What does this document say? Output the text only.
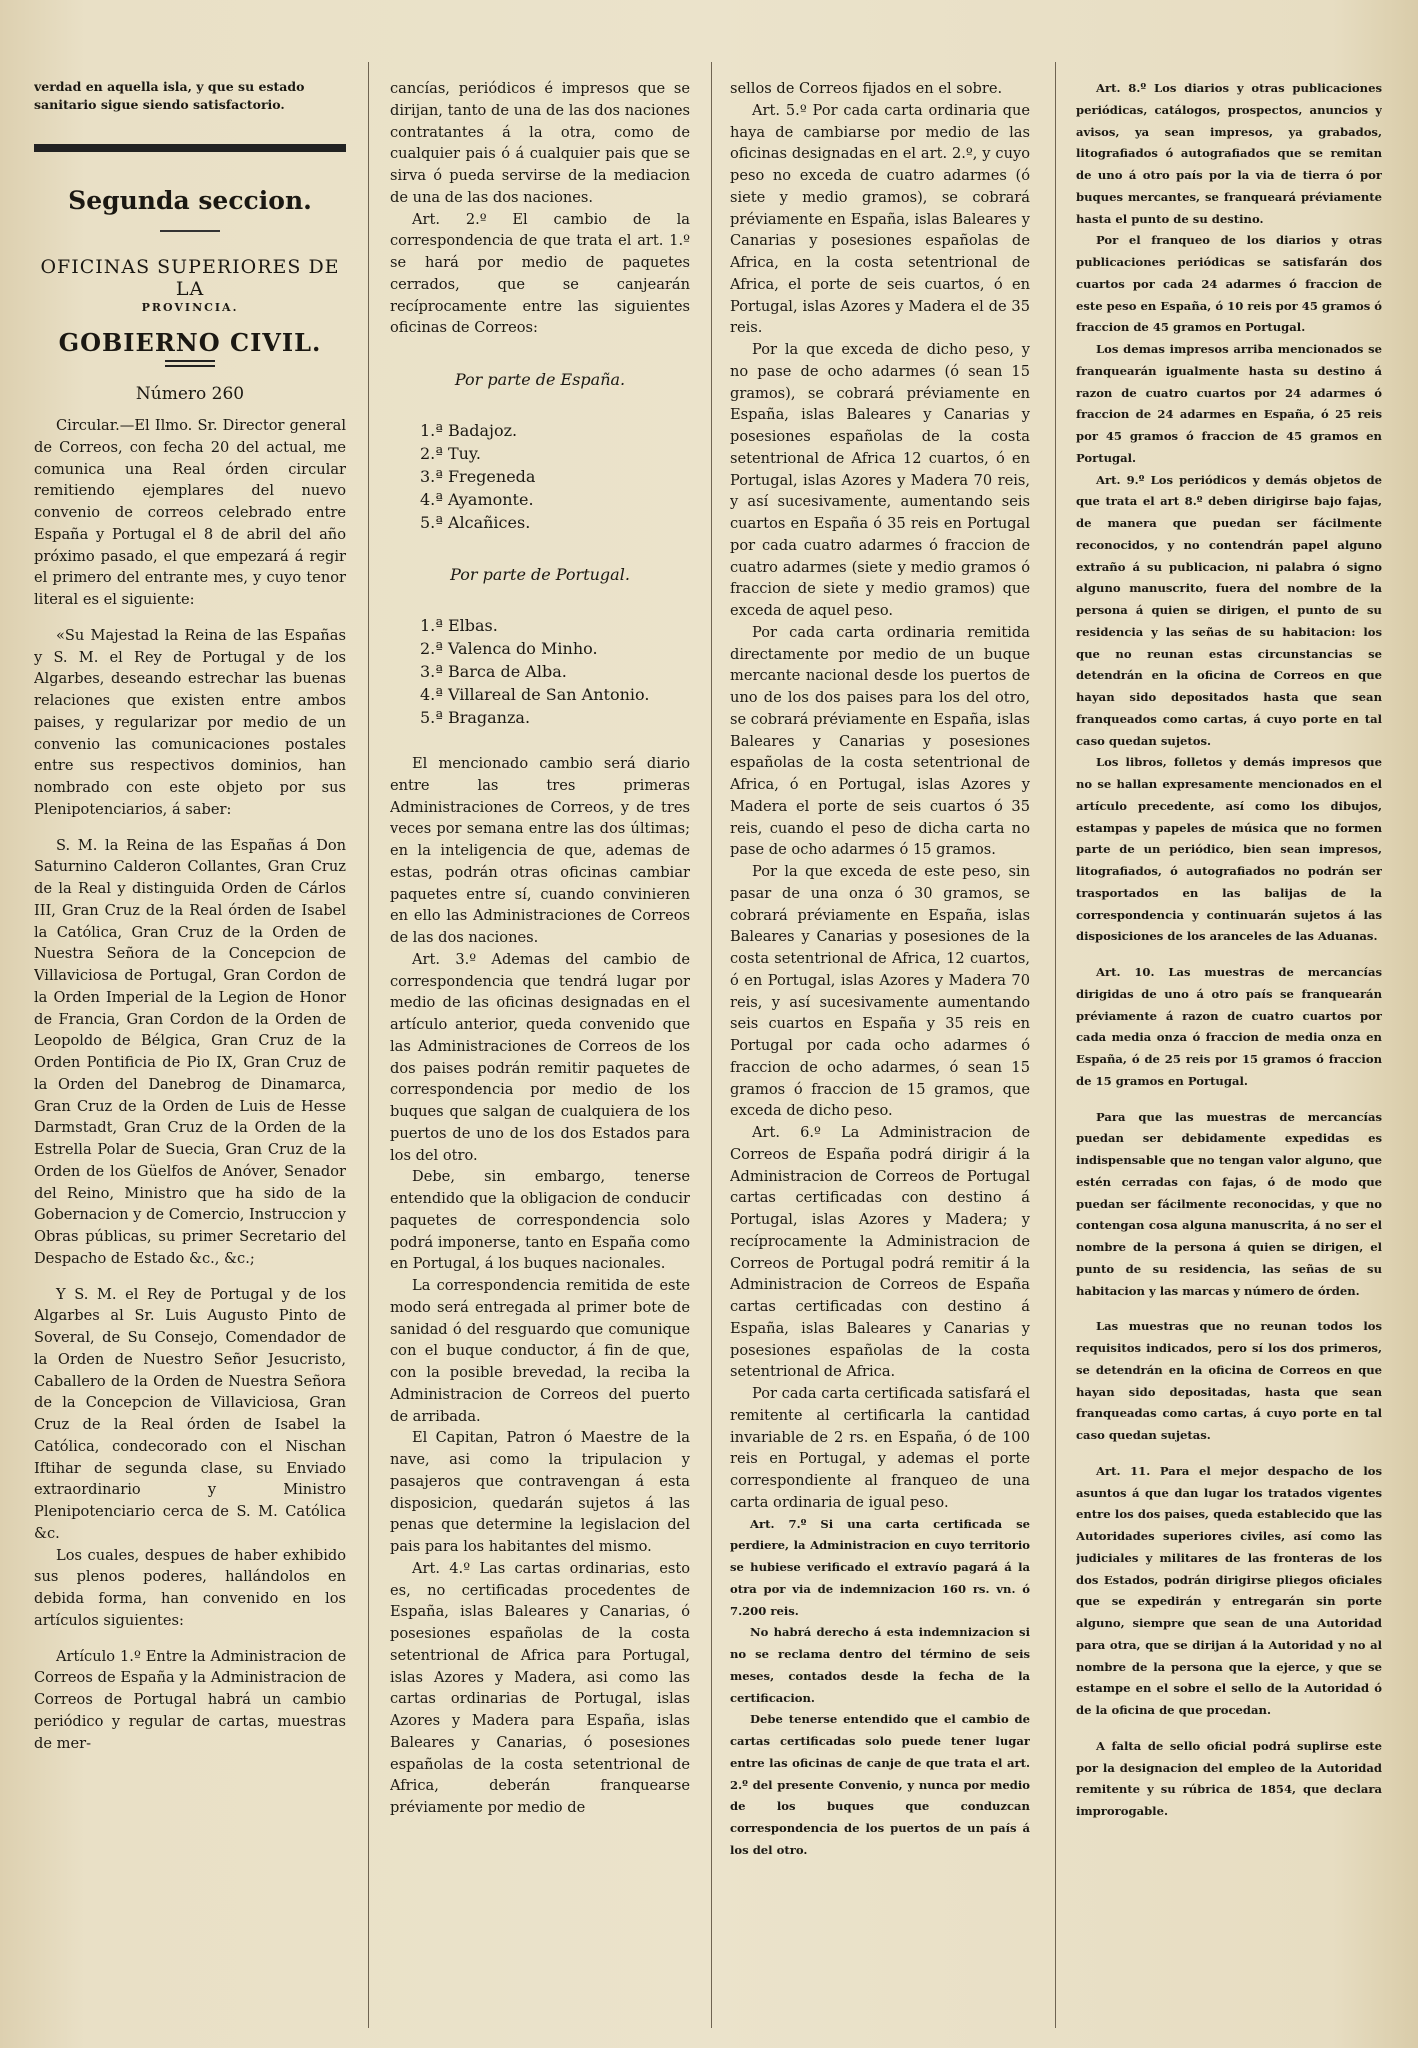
verdad en aquella isla, y que su estado sanitario sigue siendo satisfactorio.

Segunda seccion.
OFICINAS SUPERIORES DE LA
PROVINCIA.
GOBIERNO CIVIL.
Número 260

Circular.—El Ilmo. Sr. Director general de Correos, con fecha 20 del actual, me comunica una Real órden circular remitiendo ejemplares del nuevo convenio de correos celebrado entre España y Portugal el 8 de abril del año próximo pasado, el que empezará á regir el primero del entrante mes, y cuyo tenor literal es el siguiente:

«Su Majestad la Reina de las Españas y S. M. el Rey de Portugal y de los Algarbes, deseando estrechar las buenas relaciones que existen entre ambos paises, y regularizar por medio de un convenio las comunicaciones postales entre sus respectivos dominios, han nombrado con este objeto por sus Plenipotenciarios, á saber:

S. M. la Reina de las Españas á Don Saturnino Calderon Collantes, Gran Cruz de la Real y distinguida Orden de Cárlos III, Gran Cruz de la Real órden de Isabel la Católica, Gran Cruz de la Orden de Nuestra Señora de la Concepcion de Villaviciosa de Portugal, Gran Cordon de la Orden Imperial de la Legion de Honor de Francia, Gran Cordon de la Orden de Leopoldo de Bélgica, Gran Cruz de la Orden Pontificia de Pio IX, Gran Cruz de la Orden del Danebrog de Dinamarca, Gran Cruz de la Orden de Luis de Hesse Darmstadt, Gran Cruz de la Orden de la Estrella Polar de Suecia, Gran Cruz de la Orden de los Güelfos de Anóver, Senador del Reino, Ministro que ha sido de la Gobernacion y de Comercio, Instruccion y Obras públicas, su primer Secretario del Despacho de Estado &c., &c.;

Y S. M. el Rey de Portugal y de los Algarbes al Sr. Luis Augusto Pinto de Soveral, de Su Consejo, Comendador de la Orden de Nuestro Señor Jesucristo, Caballero de la Orden de Nuestra Señora de la Concepcion de Villaviciosa, Gran Cruz de la Real órden de Isabel la Católica, condecorado con el Nischan Iftihar de segunda clase, su Enviado extraordinario y Ministro Plenipotenciario cerca de S. M. Católica &c.

Los cuales, despues de haber exhibido sus plenos poderes, hallándolos en debida forma, han convenido en los artículos siguientes:

Artículo 1.º Entre la Administracion de Correos de España y la Administracion de Correos de Portugal habrá un cambio periódico y regular de cartas, muestras de mer-

cancías, periódicos é impresos que se dirijan, tanto de una de las dos naciones contratantes á la otra, como de cualquier pais ó á cualquier pais que se sirva ó pueda servirse de la mediacion de una de las dos naciones.

Art. 2.º El cambio de la correspondencia de que trata el art. 1.º se hará por medio de paquetes cerrados, que se canjearán recíprocamente entre las siguientes oficinas de Correos:

Por parte de España.
1.ª Badajoz.
2.ª Tuy.
3.ª Fregeneda
4.ª Ayamonte.
5.ª Alcañices.
Por parte de Portugal.
1.ª Elbas.
2.ª Valenca do Minho.
3.ª Barca de Alba.
4.ª Villareal de San Antonio.
5.ª Braganza.

El mencionado cambio será diario entre las tres primeras Administraciones de Correos, y de tres veces por semana entre las dos últimas; en la inteligencia de que, ademas de estas, podrán otras oficinas cambiar paquetes entre sí, cuando convinieren en ello las Administraciones de Correos de las dos naciones.

Art. 3.º Ademas del cambio de correspondencia que tendrá lugar por medio de las oficinas designadas en el artículo anterior, queda convenido que las Administraciones de Correos de los dos paises podrán remitir paquetes de correspondencia por medio de los buques que salgan de cualquiera de los puertos de uno de los dos Estados para los del otro.

Debe, sin embargo, tenerse entendido que la obligacion de conducir paquetes de correspondencia solo podrá imponerse, tanto en España como en Portugal, á los buques nacionales.

La correspondencia remitida de este modo será entregada al primer bote de sanidad ó del resguardo que comunique con el buque conductor, á fin de que, con la posible brevedad, la reciba la Administracion de Correos del puerto de arribada.

El Capitan, Patron ó Maestre de la nave, asi como la tripulacion y pasajeros que contravengan á esta disposicion, quedarán sujetos á las penas que determine la legislacion del pais para los habitantes del mismo.

Art. 4.º Las cartas ordinarias, esto es, no certificadas procedentes de España, islas Baleares y Canarias, ó posesiones españolas de la costa setentrional de Africa para Portugal, islas Azores y Madera, asi como las cartas ordinarias de Portugal, islas Azores y Madera para España, islas Baleares y Canarias, ó posesiones españolas de la costa setentrional de Africa, deberán franquearse préviamente por medio de

sellos de Correos fijados en el sobre.

Art. 5.º Por cada carta ordinaria que haya de cambiarse por medio de las oficinas designadas en el art. 2.º, y cuyo peso no exceda de cuatro adarmes (ó siete y medio gramos), se cobrará préviamente en España, islas Baleares y Canarias y posesiones españolas de Africa, en la costa setentrional de Africa, el porte de seis cuartos, ó en Portugal, islas Azores y Madera el de 35 reis.

Por la que exceda de dicho peso, y no pase de ocho adarmes (ó sean 15 gramos), se cobrará préviamente en España, islas Baleares y Canarias y posesiones españolas de la costa setentrional de Africa 12 cuartos, ó en Portugal, islas Azores y Madera 70 reis, y así sucesivamente, aumentando seis cuartos en España ó 35 reis en Portugal por cada cuatro adarmes ó fraccion de cuatro adarmes (siete y medio gramos ó fraccion de siete y medio gramos) que exceda de aquel peso.

Por cada carta ordinaria remitida directamente por medio de un buque mercante nacional desde los puertos de uno de los dos paises para los del otro, se cobrará préviamente en España, islas Baleares y Canarias y posesiones españolas de la costa setentrional de Africa, ó en Portugal, islas Azores y Madera el porte de seis cuartos ó 35 reis, cuando el peso de dicha carta no pase de ocho adarmes ó 15 gramos.

Por la que exceda de este peso, sin pasar de una onza ó 30 gramos, se cobrará préviamente en España, islas Baleares y Canarias y posesiones de la costa setentrional de Africa, 12 cuartos, ó en Portugal, islas Azores y Madera 70 reis, y así sucesivamente aumentando seis cuartos en España y 35 reis en Portugal por cada ocho adarmes ó fraccion de ocho adarmes, ó sean 15 gramos ó fraccion de 15 gramos, que exceda de dicho peso.

Art. 6.º La Administracion de Correos de España podrá dirigir á la Administracion de Correos de Portugal cartas certificadas con destino á Portugal, islas Azores y Madera; y recíprocamente la Administracion de Correos de Portugal podrá remitir á la Administracion de Correos de España cartas certificadas con destino á España, islas Baleares y Canarias y posesiones españolas de la costa setentrional de Africa.

Por cada carta certificada satisfará el remitente al certificarla la cantidad invariable de 2 rs. en España, ó de 100 reis en Portugal, y ademas el porte correspondiente al franqueo de una carta ordinaria de igual peso.

Art. 7.º Si una carta certificada se perdiere, la Administracion en cuyo territorio se hubiese verificado el extravío pagará á la otra por via de indemnizacion 160 rs. vn. ó 7.200 reis.

No habrá derecho á esta indemnizacion si no se reclama dentro del término de seis meses, contados desde la fecha de la certificacion.

Debe tenerse entendido que el cambio de cartas certificadas solo puede tener lugar entre las oficinas de canje de que trata el art. 2.º del presente Convenio, y nunca por medio de los buques que conduzcan correspondencia de los puertos de un país á los del otro.

Art. 8.º Los diarios y otras publicaciones periódicas, catálogos, prospectos, anuncios y avisos, ya sean impresos, ya grabados, litografiados ó autografiados que se remitan de uno á otro país por la via de tierra ó por buques mercantes, se franqueará préviamente hasta el punto de su destino.

Por el franqueo de los diarios y otras publicaciones periódicas se satisfarán dos cuartos por cada 24 adarmes ó fraccion de este peso en España, ó 10 reis por 45 gramos ó fraccion de 45 gramos en Portugal.

Los demas impresos arriba mencionados se franquearán igualmente hasta su destino á razon de cuatro cuartos por 24 adarmes ó fraccion de 24 adarmes en España, ó 25 reis por 45 gramos ó fraccion de 45 gramos en Portugal.

Art. 9.º Los periódicos y demás objetos de que trata el art 8.º deben dirigirse bajo fajas, de manera que puedan ser fácilmente reconocidos, y no contendrán papel alguno extraño á su publicacion, ni palabra ó signo alguno manuscrito, fuera del nombre de la persona á quien se dirigen, el punto de su residencia y las señas de su habitacion: los que no reunan estas circunstancias se detendrán en la oficina de Correos en que hayan sido depositados hasta que sean franqueados como cartas, á cuyo porte en tal caso quedan sujetos.

Los libros, folletos y demás impresos que no se hallan expresamente mencionados en el artículo precedente, así como los dibujos, estampas y papeles de música que no formen parte de un periódico, bien sean impresos, litografiados, ó autografiados no podrán ser trasportados en las balijas de la correspondencia y continuarán sujetos á las disposiciones de los aranceles de las Aduanas.

Art. 10. Las muestras de mercancías dirigidas de uno á otro país se franquearán préviamente á razon de cuatro cuartos por cada media onza ó fraccion de media onza en España, ó de 25 reis por 15 gramos ó fraccion de 15 gramos en Portugal.

Para que las muestras de mercancías puedan ser debidamente expedidas es indispensable que no tengan valor alguno, que estén cerradas con fajas, ó de modo que puedan ser fácilmente reconocidas, y que no contengan cosa alguna manuscrita, á no ser el nombre de la persona á quien se dirigen, el punto de su residencia, las señas de su habitacion y las marcas y número de órden.

Las muestras que no reunan todos los requisitos indicados, pero sí los dos primeros, se detendrán en la oficina de Correos en que hayan sido depositadas, hasta que sean franqueadas como cartas, á cuyo porte en tal caso quedan sujetas.

Art. 11. Para el mejor despacho de los asuntos á que dan lugar los tratados vigentes entre los dos paises, queda establecido que las Autoridades superiores civiles, así como las judiciales y militares de las fronteras de los dos Estados, podrán dirigirse pliegos oficiales que se expedirán y entregarán sin porte alguno, siempre que sean de una Autoridad para otra, que se dirijan á la Autoridad y no al nombre de la persona que la ejerce, y que se estampe en el sobre el sello de la Autoridad ó de la oficina de que procedan.

A falta de sello oficial podrá suplirse este por la designacion del empleo de la Autoridad remitente y su rúbrica de 1854, que declara improrogable.
